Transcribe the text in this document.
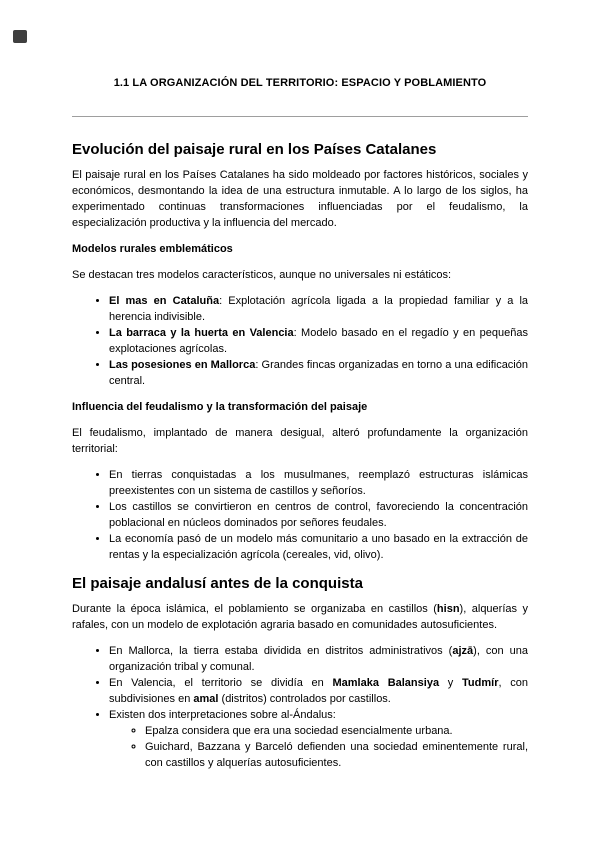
1.1 LA ORGANIZACIÓN DEL TERRITORIO: ESPACIO Y POBLAMIENTO
Evolución del paisaje rural en los Países Catalanes

El paisaje rural en los Países Catalanes ha sido moldeado por factores históricos, sociales y económicos, desmontando la idea de una estructura inmutable. A lo largo de los siglos, ha experimentado continuas transformaciones influenciadas por el feudalismo, la especialización productiva y la influencia del mercado.

Modelos rurales emblemáticos

Se destacan tres modelos característicos, aunque no universales ni estáticos:

• El mas en Cataluña: Explotación agrícola ligada a la propiedad familiar y a la herencia indivisible.
• La barraca y la huerta en Valencia: Modelo basado en el regadío y en pequeñas explotaciones agrícolas.
• Las posesiones en Mallorca: Grandes fincas organizadas en torno a una edificación central.
Influencia del feudalismo y la transformación del paisaje

El feudalismo, implantado de manera desigual, alteró profundamente la organización territorial:

• En tierras conquistadas a los musulmanes, reemplazó estructuras islámicas preexistentes con un sistema de castillos y señoríos.
• Los castillos se convirtieron en centros de control, favoreciendo la concentración poblacional en núcleos dominados por señores feudales.
• La economía pasó de un modelo más comunitario a uno basado en la extracción de rentas y la especialización agrícola (cereales, vid, olivo).
El paisaje andalusí antes de la conquista

Durante la época islámica, el poblamiento se organizaba en castillos (hisn), alquerías y rafales, con un modelo de explotación agraria basado en comunidades autosuficientes.

• En Mallorca, la tierra estaba dividida en distritos administrativos (ajzā), con una organización tribal y comunal.
• En Valencia, el territorio se dividía en Mamlaka Balansiya y Tudmír, con subdivisiones en amal (distritos) controlados por castillos.
• Existen dos interpretaciones sobre al-Ándalus:
◦ Epalza considera que era una sociedad esencialmente urbana.
◦ Guichard, Bazzana y Barceló defienden una sociedad eminentemente rural, con castillos y alquerías autosuficientes.
